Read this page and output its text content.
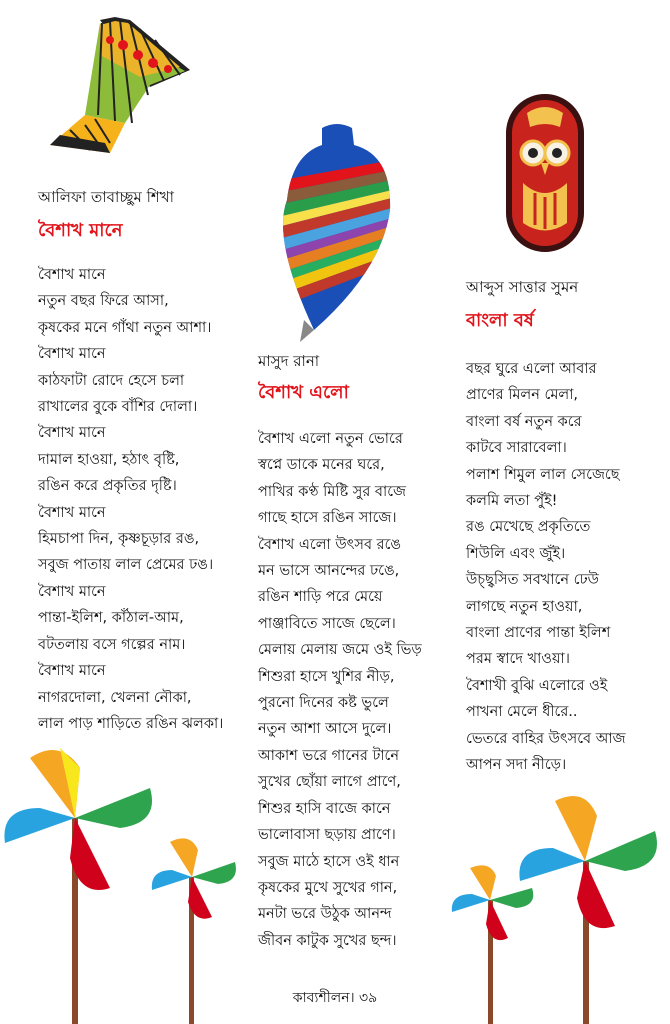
আলিফা তাবাচ্ছুম শিখা
বৈশাখ মানে
বৈশাখ মানে
নতুন বছর ফিরে আসা,
কৃষকের মনে গাঁথা নতুন আশা।
বৈশাখ মানে
কাঠফাটা রোদে হেসে চলা
রাখালের বুকে বাঁশির দোলা।
বৈশাখ মানে
দামাল হাওয়া, হঠাৎ বৃষ্টি,
রঙিন করে প্রকৃতির দৃষ্টি।
বৈশাখ মানে
হিমচাপা দিন, কৃষ্ণচূড়ার রঙ,
সবুজ পাতায় লাল প্রেমের ঢঙ।
বৈশাখ মানে
পান্তা-ইলিশ, কাঁঠাল-আম,
বটতলায় বসে গল্পের নাম।
বৈশাখ মানে
নাগরদোলা, খেলনা নৌকা,
লাল পাড় শাড়িতে রঙিন ঝলকা।
মাসুদ রানা
বৈশাখ এলো
বৈশাখ এলো নতুন ভোরে
স্বপ্নে ডাকে মনের ঘরে,
পাখির কণ্ঠ মিষ্টি সুর বাজে
গাছে হাসে রঙিন সাজে।
বৈশাখ এলো উৎসব রঙে
মন ভাসে আনন্দের ঢঙে,
রঙিন শাড়ি পরে মেয়ে
পাঞ্জাবিতে সাজে ছেলে।
মেলায় মেলায় জমে ওই ভিড়
শিশুরা হাসে খুশির নীড়,
পুরনো দিনের কষ্ট ভুলে
নতুন আশা আসে দুলে।
আকাশ ভরে গানের টানে
সুখের ছোঁয়া লাগে প্রাণে,
শিশুর হাসি বাজে কানে
ভালোবাসা ছড়ায় প্রাণে।
সবুজ মাঠে হাসে ওই ধান
কৃষকের মুখে সুখের গান,
মনটা ভরে উঠুক আনন্দ
জীবন কাটুক সুখের ছন্দ।
আব্দুস সাত্তার সুমন
বাংলা বর্ষ
বছর ঘুরে এলো আবার
প্রাণের মিলন মেলা,
বাংলা বর্ষ নতুন করে
কাটবে সারাবেলা।
পলাশ শিমুল লাল সেজেছে
কলমি লতা পুঁই!
রঙ মেখেছে প্রকৃতিতে
শিউলি এবং জুঁই।
উচ্ছ্বসিত সবখানে ঢেউ
লাগছে নতুন হাওয়া,
বাংলা প্রাণের পান্তা ইলিশ
পরম স্বাদে খাওয়া।
বৈশাখী বুঝি এলোরে ওই
পাখনা মেলে ধীরে..
ভেতরে বাহির উৎসবে আজ
আপন সদা নীড়ে।
কাব্যশীলন। ৩৯
